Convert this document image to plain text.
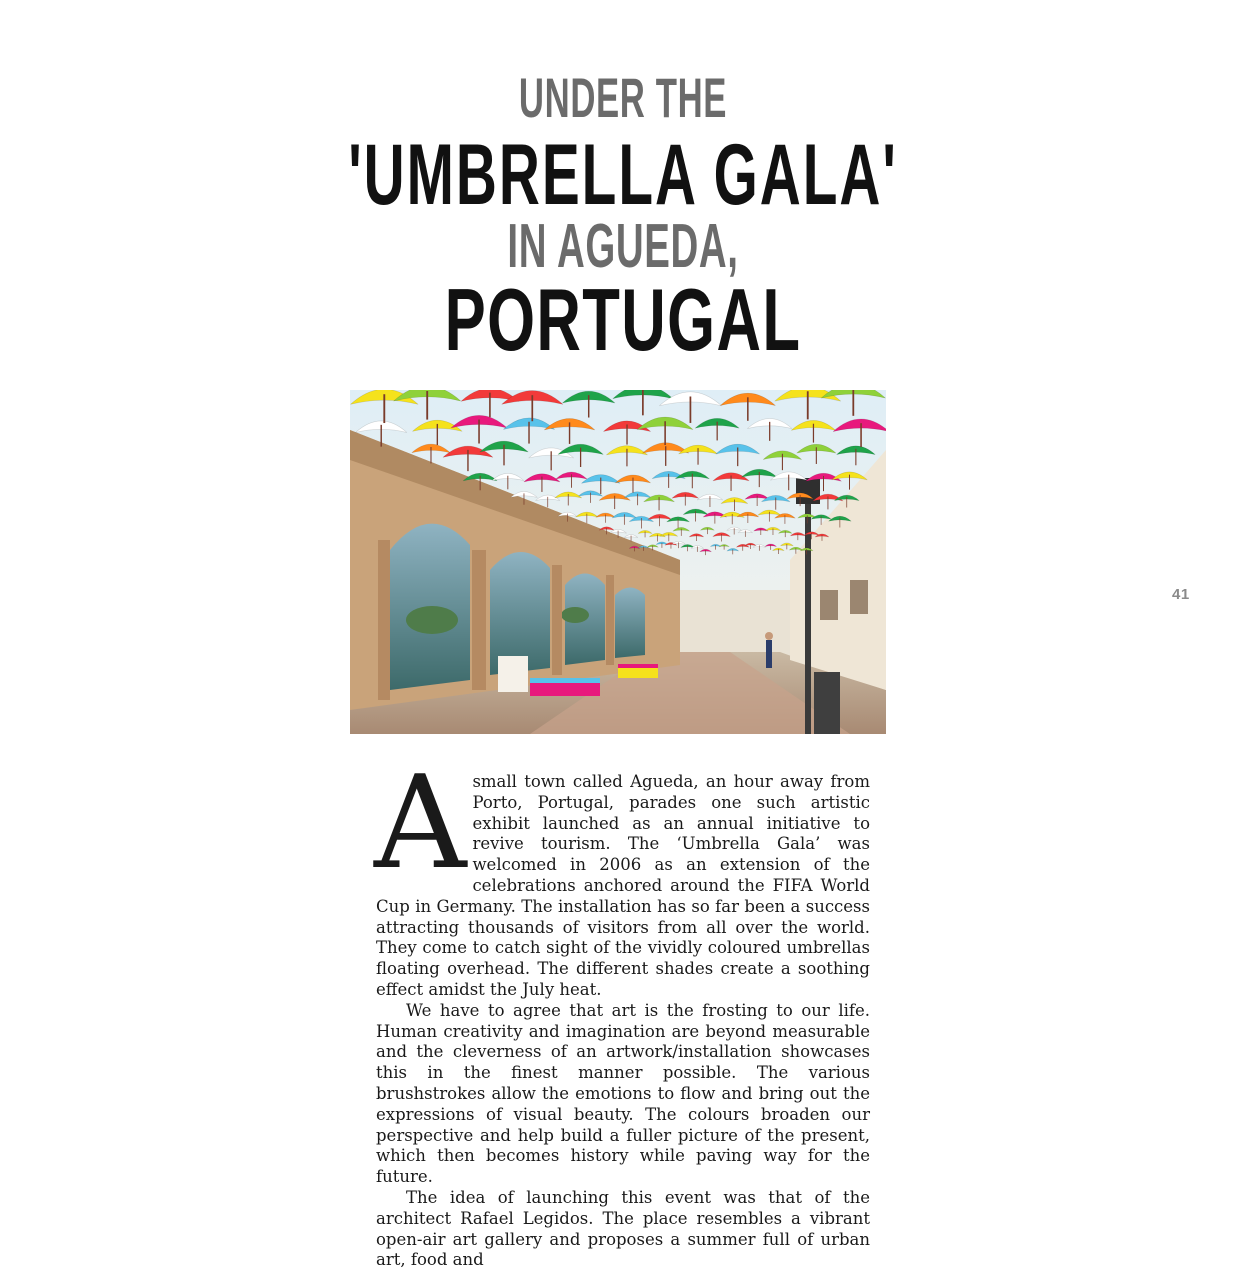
UNDER THE
'UMBRELLA GALA'
IN AGUEDA,
PORTUGAL
41

Asmall town called Agueda, an hour away from Porto, Portugal, parades one such artistic exhibit launched as an annual initiative to revive tourism. The ‘Umbrella Gala’ was welcomed in 2006 as an extension of the celebrations anchored around the FIFA World Cup in Germany. The installation has so far been a success attracting thousands of visitors from all over the world. They come to catch sight of the vividly coloured umbrellas floating overhead. The different shades create a soothing effect amidst the July heat.

We have to agree that art is the frosting to our life. Human creativity and imagination are beyond measurable and the cleverness of an artwork/installation showcases this in the finest manner possible. The various brushstrokes allow the emotions to flow and bring out the expressions of visual beauty. The colours broaden our perspective and help build a fuller picture of the present, which then becomes history while paving way for the future.

The idea of launching this event was that of the architect Rafael Legidos. The place resembles a vibrant open-air art gallery and proposes a summer full of urban art, food and
